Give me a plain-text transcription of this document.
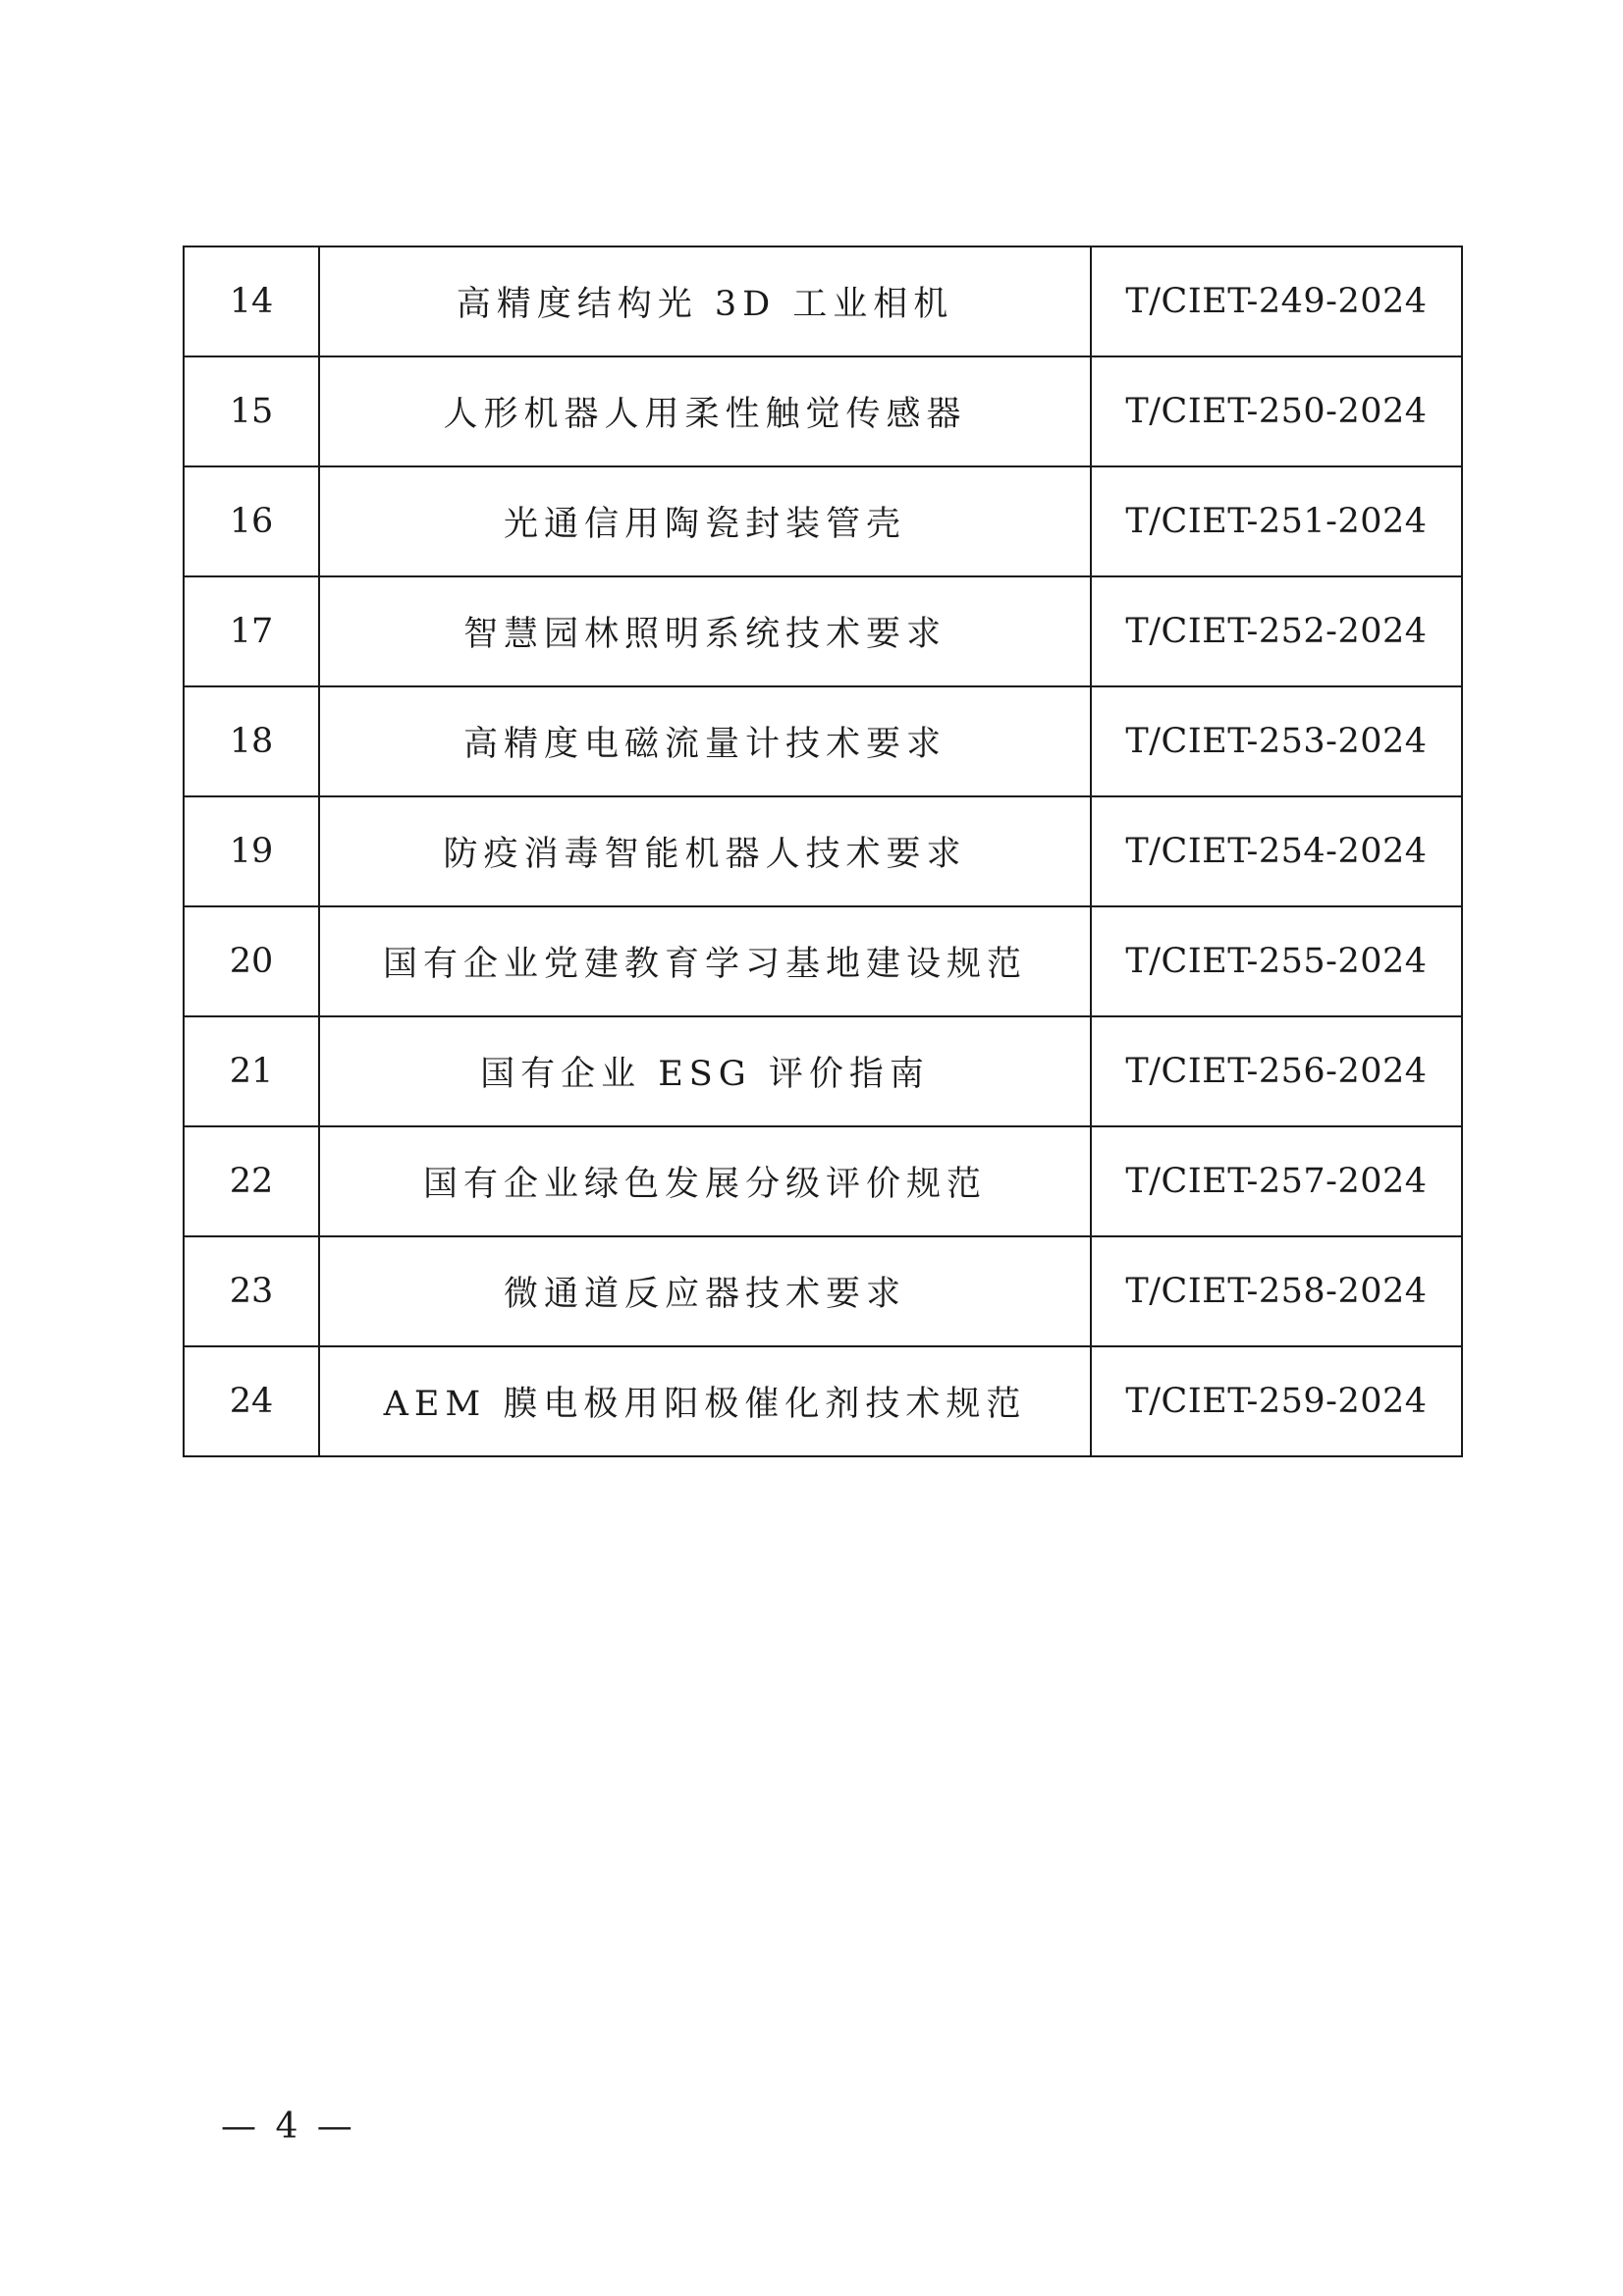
14	高精度结构光 3D 工业相机	T/CIET-249-2024
15	人形机器人用柔性触觉传感器	T/CIET-250-2024
16	光通信用陶瓷封装管壳	T/CIET-251-2024
17	智慧园林照明系统技术要求	T/CIET-252-2024
18	高精度电磁流量计技术要求	T/CIET-253-2024
19	防疫消毒智能机器人技术要求	T/CIET-254-2024
20	国有企业党建教育学习基地建设规范	T/CIET-255-2024
21	国有企业 ESG 评价指南	T/CIET-256-2024
22	国有企业绿色发展分级评价规范	T/CIET-257-2024
23	微通道反应器技术要求	T/CIET-258-2024
24	AEM 膜电极用阳极催化剂技术规范	T/CIET-259-2024
— 4 —
